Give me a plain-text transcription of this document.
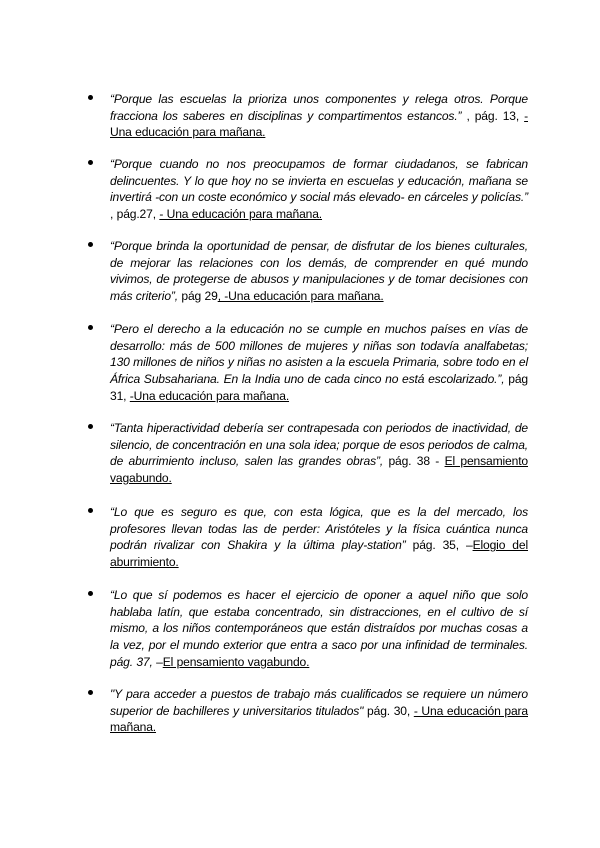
“Porque las escuelas la prioriza unos componentes y relega otros. Porque fracciona los saberes en disciplinas y compartimentos estancos.” , pág. 13, - Una educación para mañana.

“Porque cuando no nos preocupamos de formar ciudadanos, se fabrican delincuentes. Y lo que hoy no se invierta en escuelas y educación, mañana se invertirá -con un coste económico y social más elevado- en cárceles y policías.” , pág.27, - Una educación para mañana.

“Porque brinda la oportunidad de pensar, de disfrutar de los bienes culturales, de mejorar las relaciones con los demás, de comprender en qué mundo vivimos, de protegerse de abusos y manipulaciones y de tomar decisiones con más criterio”, pág 29, -Una educación para mañana.

“Pero el derecho a la educación no se cumple en muchos países en vías de desarrollo: más de 500 millones de mujeres y niñas son todavía analfabetas; 130 millones de niños y niñas no asisten a la escuela Primaria, sobre todo en el África Subsahariana. En la India uno de cada cinco no está escolarizado.”, pág 31, -Una educación para mañana.

“Tanta hiperactividad debería ser contrapesada con periodos de inactividad, de silencio, de concentración en una sola idea; porque de esos periodos de calma, de aburrimiento incluso, salen las grandes obras”, pág. 38 - El pensamiento vagabundo.

“Lo que es seguro es que, con esta lógica, que es la del mercado, los profesores llevan todas las de perder: Aristóteles y la física cuántica nunca podrán rivalizar con Shakira y la última play-station” pág. 35, –Elogio del aburrimiento.

“Lo que sí podemos es hacer el ejercicio de oponer a aquel niño que solo hablaba latín, que estaba concentrado, sin distracciones, en el cultivo de sí mismo, a los niños contemporáneos que están distraídos por muchas cosas a la vez, por el mundo exterior que entra a saco por una infinidad de terminales. pág. 37, –El pensamiento vagabundo.

"Y para acceder a puestos de trabajo más cualificados se requiere un número superior de bachilleres y universitarios titulados" pág. 30, - Una educación para mañana.
